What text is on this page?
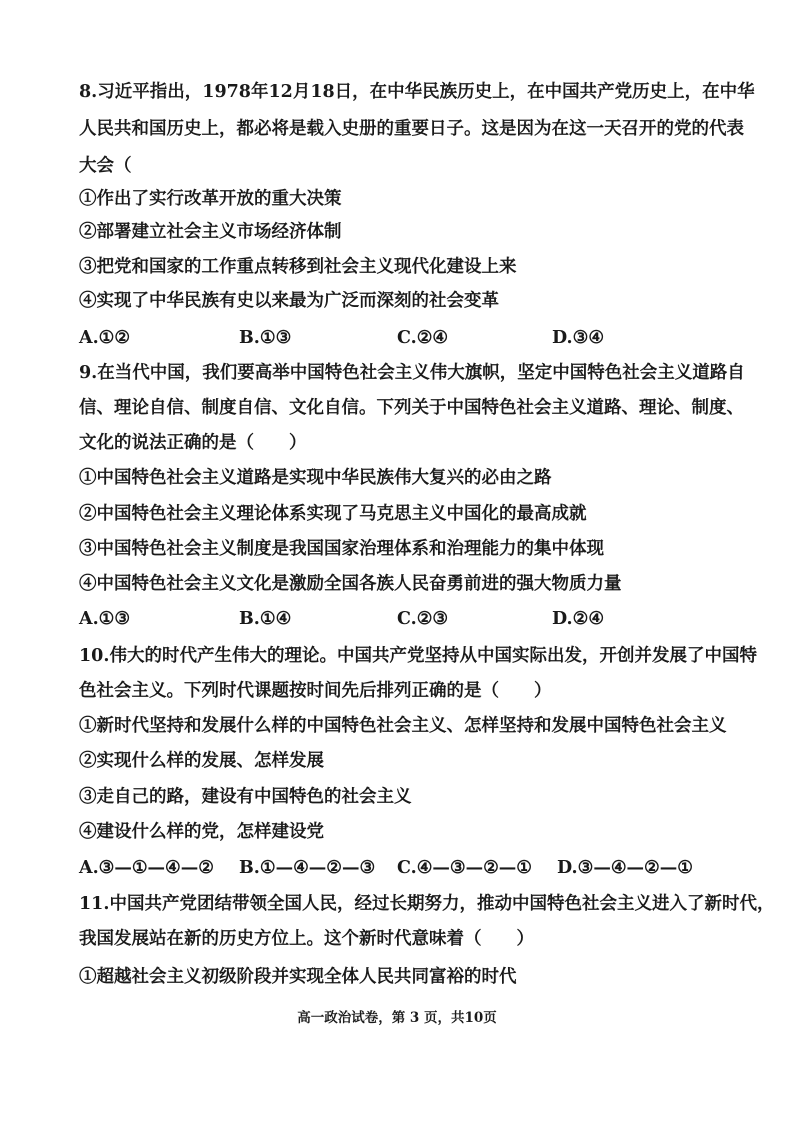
8.习近平指出，1978年12月18日，在中华民族历史上，在中国共产党历史上，在中华
人民共和国历史上，都必将是载入史册的重要日子。这是因为在这一天召开的党的代表
大会（
①作出了实行改革开放的重大决策
②部署建立社会主义市场经济体制
③把党和国家的工作重点转移到社会主义现代化建设上来
④实现了中华民族有史以来最为广泛而深刻的社会变革
A.①②	B.①③	C.②④	D.③④
9.在当代中国，我们要高举中国特色社会主义伟大旗帜，坚定中国特色社会主义道路自
信、理论自信、制度自信、文化自信。下列关于中国特色社会主义道路、理论、制度、
文化的说法正确的是（　　）
①中国特色社会主义道路是实现中华民族伟大复兴的必由之路
②中国特色社会主义理论体系实现了马克思主义中国化的最高成就
③中国特色社会主义制度是我国国家治理体系和治理能力的集中体现
④中国特色社会主义文化是激励全国各族人民奋勇前进的强大物质力量
A.①③	B.①④	C.②③	D.②④
10.伟大的时代产生伟大的理论。中国共产党坚持从中国实际出发，开创并发展了中国特
色社会主义。下列时代课题按时间先后排列正确的是（　　）
①新时代坚持和发展什么样的中国特色社会主义、怎样坚持和发展中国特色社会主义
②实现什么样的发展、怎样发展
③走自己的路，建设有中国特色的社会主义
④建设什么样的党，怎样建设党
A.③—①—④—② B.①—④—②—③ C.④—③—②—① D.③—④—②—①
11.中国共产党团结带领全国人民，经过长期努力，推动中国特色社会主义进入了新时代，
我国发展站在新的历史方位上。这个新时代意味着（　　）
①超越社会主义初级阶段并实现全体人民共同富裕的时代
高一政治试卷，第 3 页，共10页
